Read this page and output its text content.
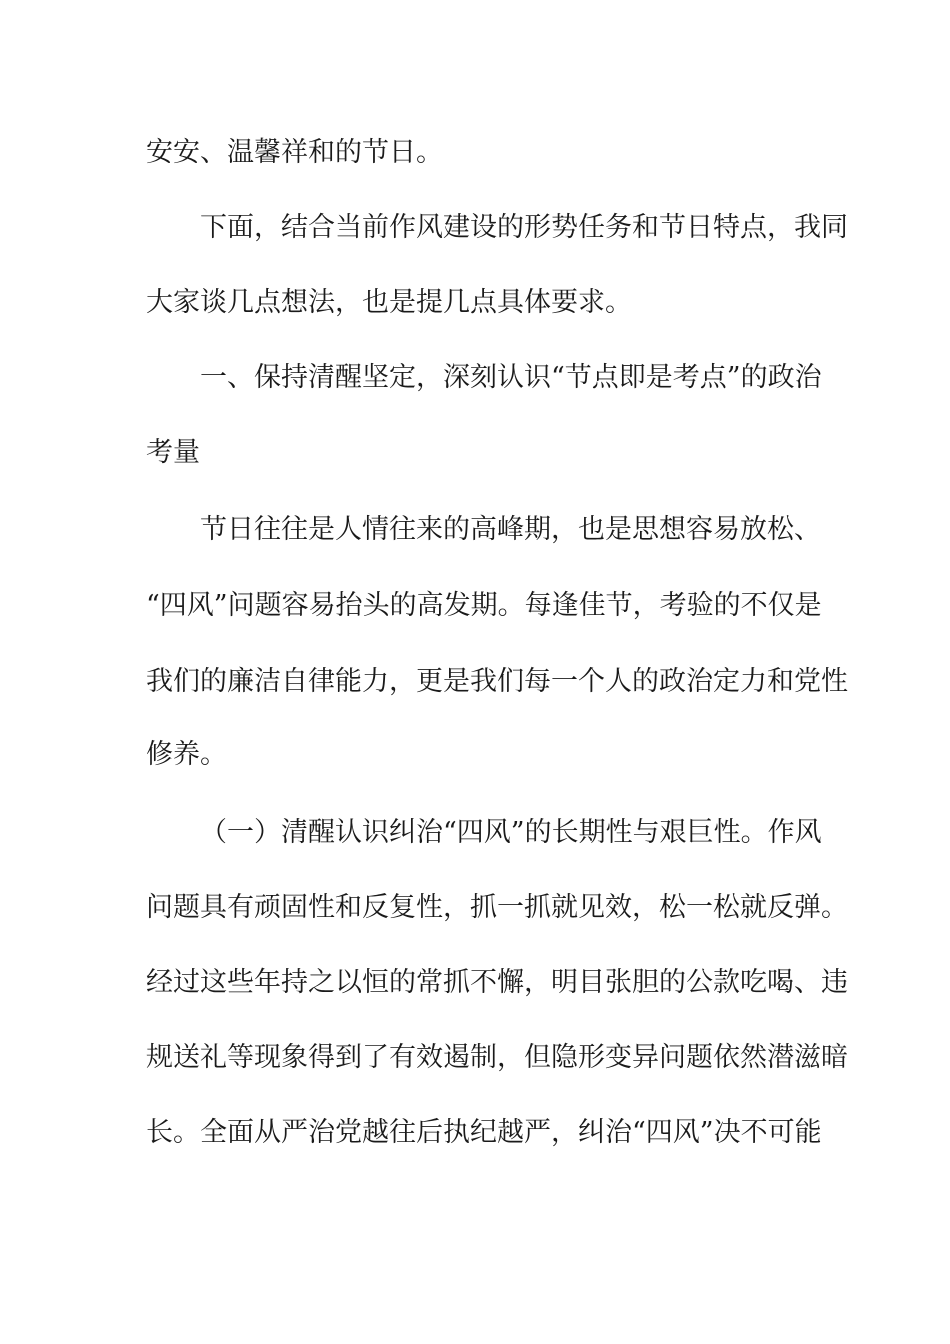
安安、温馨祥和的节日。
下面，结合当前作风建设的形势任务和节日特点，我同
大家谈几点想法，也是提几点具体要求。
一、保持清醒坚定，深刻认识“节点即是考点”的政治
考量
节日往往是人情往来的高峰期，也是思想容易放松、
“四风”问题容易抬头的高发期。每逢佳节，考验的不仅是
我们的廉洁自律能力，更是我们每一个人的政治定力和党性
修养。
（一）清醒认识纠治“四风”的长期性与艰巨性。作风
问题具有顽固性和反复性，抓一抓就见效，松一松就反弹。
经过这些年持之以恒的常抓不懈，明目张胆的公款吃喝、违
规送礼等现象得到了有效遏制，但隐形变异问题依然潜滋暗
长。全面从严治党越往后执纪越严，纠治“四风”决不可能
